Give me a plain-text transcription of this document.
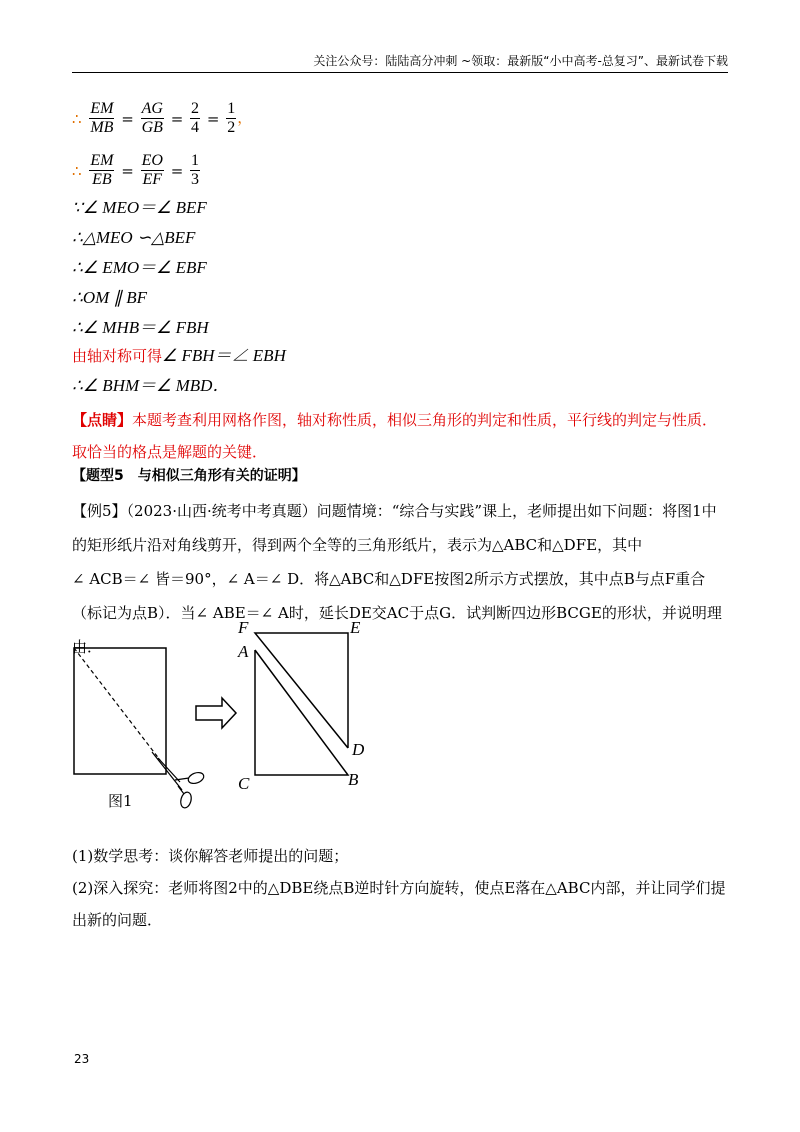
关注公众号：陆陆高分冲刺 ~领取：最新版“小中高考-总复习”、最新试卷下载
∴ $\frac{EM}{MB} = \frac{AG}{GB} = \frac{2}{4} = \frac{1}{2}$ ，
∴ $\frac{EM}{EB} = \frac{EO}{EF} = \frac{1}{3}$
∵∠ MEO＝∠ BEF
∴△MEO ∽△BEF
∴∠ EMO＝∠ EBF
∴OM ∥ BF
∴∠ MHB＝∠ FBH
由轴对称可得∠ FBH＝∠ EBH
∴∠ BHM＝∠ MBD．
【点睛】本题考查利用网格作图，轴对称性质，相似三角形的判定和性质，平行线的判定与性质．取恰当的格点是解题的关键．
【题型5　与相似三角形有关的证明】
【例5】（2023·山西·统考中考真题）问题情境：“综合与实践”课上，老师提出如下问题：将图1中的矩形纸片沿对角线剪开，得到两个全等的三角形纸片，表示为△ABC和△DFE，其中
∠ ACB＝∠ 皆＝90°，∠ A＝∠ D．将△ABC和△DFE按图2所示方式摆放，其中点B与点F重合（标记为点B）．当∠ ABE＝∠ A时，延长DE交AC于点G．试判断四边形BCGE的形状，并说明理由．
图1
F	E
A
D
C	B
(1)数学思考：谈你解答老师提出的问题；
(2)深入探究：老师将图2中的△DBE绕点B逆时针方向旋转，使点E落在△ABC内部，并让同学们提出新的问题．
23
